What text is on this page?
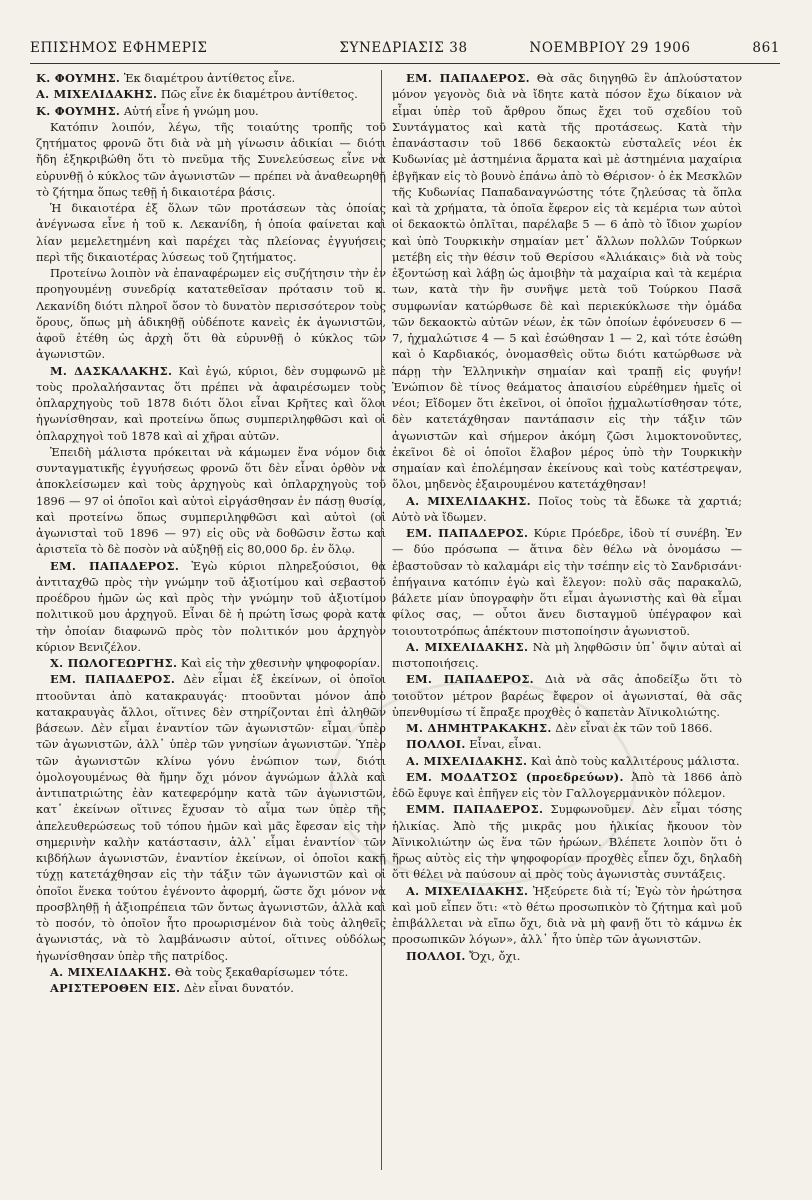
ΕΠΙΣΗΜΟΣ ΕΦΗΜΕΡΙΣ	ΣΥΝΕΔΡΙΑΣΙΣ 38	ΝΟΕΜΒΡΙΟΥ 29 1906	861

Κ. ΦΟΥΜΗΣ. Ἐκ διαμέτρου ἀντίθετος εἶνε.

Α. ΜΙΧΕΛΙΔΑΚΗΣ. Πῶς εἶνε ἐκ διαμέτρου ἀντίθετος.

Κ. ΦΟΥΜΗΣ. Αὐτή εἶνε ἡ γνώμη μου.

Κατόπιν λοιπόν, λέγω, τῆς τοιαύτης τροπῆς τοῦ ζητήματος φρονῶ ὅτι διὰ νὰ μὴ γίνωσιν ἀδικίαι — διότι ἤδη ἐξηκριβώθη ὅτι τὸ πνεῦμα τῆς Συνελεύσεως εἶνε νὰ εὐρυνθῇ ὁ κύκλος τῶν ἀγωνιστῶν — πρέπει νὰ ἀναθεωρηθῇ τὸ ζήτημα ὅπως τεθῇ ἡ δικαιοτέρα βάσις.

Ἡ δικαιοτέρα ἐξ ὅλων τῶν προτάσεων τὰς ὁποίας ἀνέγνωσα εἶνε ἡ τοῦ κ. Λεκανίδη, ἡ ὁποία φαίνεται καὶ λίαν μεμελετημένη καὶ παρέχει τὰς πλείονας ἐγγυήσεις περὶ τῆς δικαιοτέρας λύσεως τοῦ ζητήματος.

Προτείνω λοιπὸν νὰ ἐπαναφέρωμεν εἰς συζήτησιν τὴν ἐν προηγουμένῃ συνεδρίᾳ κατατεθεῖσαν πρότασιν τοῦ κ. Λεκανίδη διότι πληροῖ ὅσον τὸ δυνατὸν περισσότερον τοὺς ὅρους, ὅπως μὴ ἀδικηθῇ οὐδέποτε κανεὶς ἐκ ἀγωνιστῶν, ἀφοῦ ἐτέθη ὡς ἀρχὴ ὅτι θὰ εὐρυνθῇ ὁ κύκλος τῶν ἀγωνιστῶν.

Μ. ΔΑΣΚΑΛΑΚΗΣ. Καὶ ἐγώ, κύριοι, δὲν συμφωνῶ μὲ τοὺς προλαλήσαντας ὅτι πρέπει νὰ ἀφαιρέσωμεν τοὺς ὁπλαρχηγοὺς τοῦ 1878 διότι ὅλοι εἶναι Κρῆτες καὶ ὅλοι ἠγωνίσθησαν, καὶ προτείνω ὅπως συμπεριληφθῶσι καὶ οἱ ὁπλαρχηγοὶ τοῦ 1878 καὶ αἱ χῆραι αὐτῶν.

Ἐπειδὴ μάλιστα πρόκειται νὰ κάμωμεν ἕνα νόμον διὰ συνταγματικῆς ἐγγυήσεως φρονῶ ὅτι δὲν εἶναι ὀρθὸν νὰ ἀποκλείσωμεν καὶ τοὺς ἀρχηγοὺς καὶ ὁπλαρχηγοὺς τοῦ 1896 — 97 οἱ ὁποῖοι καὶ αὐτοὶ εἰργάσθησαν ἐν πάσῃ θυσίᾳ, καὶ προτείνω ὅπως συμπεριληφθῶσι καὶ αὐτοὶ (οἱ ἀγωνισταὶ τοῦ 1896 — 97) εἰς οὓς νὰ δοθῶσιν ἔστω καὶ ἀριστεῖα τὸ δὲ ποσὸν νὰ αὐξηθῇ εἰς 80,000 δρ. ἐν ὅλῳ.

ΕΜ. ΠΑΠΑΔΕΡΟΣ. Ἐγὼ κύριοι πληρεξούσιοι, θὰ ἀντιταχθῶ πρὸς τὴν γνώμην τοῦ ἀξιοτίμου καὶ σεβαστοῦ προέδρου ἡμῶν ὡς καὶ πρὸς τὴν γνώμην τοῦ ἀξιοτίμου πολιτικοῦ μου ἀρχηγοῦ. Εἶναι δὲ ἡ πρώτη ἴσως φορὰ κατὰ τὴν ὁποίαν διαφωνῶ πρὸς τὸν πολιτικόν μου ἀρχηγὸν κύριον Βενιζέλον.

Χ. ΠΩΛΟΓΕΩΡΓΗΣ. Καὶ εἰς τὴν χθεσινὴν ψηφοφορίαν.

ΕΜ. ΠΑΠΑΔΕΡΟΣ. Δὲν εἶμαι ἐξ ἐκείνων, οἱ ὁποῖοι πτοοῦνται ἀπὸ κατακραυγάς· πτοοῦνται μόνον ἀπὸ κατακραυγὰς ἄλλοι, οἵτινες δὲν στηρίζονται ἐπὶ ἀληθῶν βάσεων. Δὲν εἶμαι ἐναντίον τῶν ἀγωνιστῶν· εἶμαι ὑπὲρ τῶν ἀγωνιστῶν, ἀλλ᾽ ὑπὲρ τῶν γνησίων ἀγωνιστῶν. Ὑπὲρ τῶν ἀγωνιστῶν κλίνω γόνυ ἐνώπιον των, διότι ὁμολογουμένως θὰ ἤμην ὄχι μόνον ἀγνώμων ἀλλὰ καὶ ἀντιπατριώτης ἐὰν κατεφερόμην κατὰ τῶν ἀγωνιστῶν, κατ᾽ ἐκείνων οἵτινες ἔχυσαν τὸ αἷμα των ὑπὲρ τῆς ἀπελευθερώσεως τοῦ τόπου ἡμῶν καὶ μᾶς ἔφεσαν εἰς τὴν σημερινὴν καλὴν κατάστασιν, ἀλλ᾽ εἶμαι ἐναντίον τῶν κιβδήλων ἀγωνιστῶν, ἐναντίον ἐκείνων, οἱ ὁποῖοι κακῇ τύχῃ κατετάχθησαν εἰς τὴν τάξιν τῶν ἀγωνιστῶν καὶ οἱ ὁποῖοι ἕνεκα τούτου ἐγένοντο ἀφορμή, ὥστε ὄχι μόνον νὰ προσβληθῇ ἡ ἀξιοπρέπεια τῶν ὄντως ἀγωνιστῶν, ἀλλὰ καὶ τὸ ποσόν, τὸ ὁποῖον ἦτο προωρισμένον διὰ τοὺς ἀληθεῖς ἀγωνιστάς, νὰ τὸ λαμβάνωσιν αὐτοί, οἵτινες οὐδόλως ἠγωνίσθησαν ὑπὲρ τῆς πατρίδος.

Α. ΜΙΧΕΛΙΔΑΚΗΣ. Θὰ τοὺς ξεκαθαρίσωμεν τότε.

ΑΡΙΣΤΕΡΟΘΕΝ ΕΙΣ. Δὲν εἶναι δυνατόν.

ΕΜ. ΠΑΠΑΔΕΡΟΣ. Θὰ σᾶς διηγηθῶ ἓν ἁπλούστατον μόνον γεγονὸς διὰ νὰ ἴδητε κατὰ πόσον ἔχω δίκαιον νὰ εἶμαι ὑπὲρ τοῦ ἄρθρου ὅπως ἔχει τοῦ σχεδίου τοῦ Συντάγματος καὶ κατὰ τῆς προτάσεως. Κατὰ τὴν ἐπανάστασιν τοῦ 1866 δεκαοκτὼ εὐσταλεῖς νέοι ἐκ Κυδωνίας μὲ ἀστημένια ἅρματα καὶ μὲ ἀστημένια μαχαίρια ἐβγῆκαν εἰς τὸ βουνὸ ἐπάνω ἀπὸ τὸ Θέρισον· ὁ ἐκ Μεσκλῶν τῆς Κυδωνίας Παπαδαναγνώστης τότε ζηλεύσας τὰ ὅπλα καὶ τὰ χρήματα, τὰ ὁποῖα ἔφερον εἰς τὰ κεμέρια των αὐτοὶ οἱ δεκαοκτὼ ὁπλῖται, παρέλαβε 5 — 6 ἀπὸ τὸ ἴδιον χωρίον καὶ ὑπὸ Τουρκικὴν σημαίαν μετ᾽ ἄλλων πολλῶν Τούρκων μετέβη εἰς τὴν θέσιν τοῦ Θερίσου «Ἀλιάκαις» διὰ νὰ τοὺς ἐξοντώσῃ καὶ λάβῃ ὡς ἀμοιβὴν τὰ μαχαίρια καὶ τὰ κεμέρια των, κατὰ τὴν ἣν συνῆψε μετὰ τοῦ Τούρκου Πασᾶ συμφωνίαν κατώρθωσε δὲ καὶ περιεκύκλωσε τὴν ὁμάδα τῶν δεκαοκτὼ αὐτῶν νέων, ἐκ τῶν ὁποίων ἐφόνευσεν 6 — 7, ἠχμαλώτισε 4 — 5 καὶ ἐσώθησαν 1 — 2, καὶ τότε ἐσώθη καὶ ὁ Καρδιακός, ὀνομασθεὶς οὕτω διότι κατώρθωσε νὰ πάρῃ τὴν Ἑλληνικὴν σημαίαν καὶ τραπῇ εἰς φυγήν! Ἐνώπιον δὲ τίνος θεάματος ἀπαισίου εὑρέθημεν ἡμεῖς οἱ νέοι; Εἴδομεν ὅτι ἐκεῖνοι, οἱ ὁποῖοι ᾐχμαλωτίσθησαν τότε, δὲν κατετάχθησαν παντάπασιν εἰς τὴν τάξιν τῶν ἀγωνιστῶν καὶ σήμερον ἀκόμη ζῶσι λιμοκτονοῦντες, ἐκεῖνοι δὲ οἱ ὁποῖοι ἔλαβον μέρος ὑπὸ τὴν Τουρκικὴν σημαίαν καὶ ἐπολέμησαν ἐκείνους καὶ τοὺς κατέστρεψαν, ὅλοι, μηδενὸς ἐξαιρουμένου κατετάχθησαν!

Α. ΜΙΧΕΛΙΔΑΚΗΣ. Ποῖος τοὺς τὰ ἔδωκε τὰ χαρτιά; Αὐτὸ νὰ ἴδωμεν.

ΕΜ. ΠΑΠΑΔΕΡΟΣ. Κύριε Πρόεδρε, ἰδοὺ τί συνέβη. Ἐν — δύο πρόσωπα — ἅτινα δὲν θέλω νὰ ὀνομάσω — ἐβαστοῦσαν τὸ καλαμάρι εἰς τὴν τσέπην εἰς τὸ Σανδρισάνι· ἐπήγαινα κατόπιν ἐγὼ καὶ ἔλεγον: πολὺ σᾶς παρακαλῶ, βάλετε μίαν ὑπογραφὴν ὅτι εἶμαι ἀγωνιστὴς καὶ θὰ εἶμαι φίλος σας, — οὗτοι ἄνευ δισταγμοῦ ὑπέγραφον καὶ τοιουτοτρόπως ἀπέκτουν πιστοποίησιν ἀγωνιστοῦ.

Α. ΜΙΧΕΛΙΔΑΚΗΣ. Νὰ μὴ ληφθῶσιν ὑπ᾽ ὄψιν αὐταὶ αἱ πιστοποιήσεις.

ΕΜ. ΠΑΠΑΔΕΡΟΣ. Διὰ νὰ σᾶς ἀποδείξω ὅτι τὸ τοιοῦτον μέτρον βαρέως ἔφερον οἱ ἀγωνισταί, θὰ σᾶς ὑπενθυμίσω τί ἔπραξε προχθὲς ὁ καπετὰν Ἀϊνικολιώτης.

Μ. ΔΗΜΗΤΡΑΚΑΚΗΣ. Δὲν εἶναι ἐκ τῶν τοῦ 1866.

ΠΟΛΛΟΙ. Εἶναι, εἶναι.

Α. ΜΙΧΕΛΙΔΑΚΗΣ. Καὶ ἀπὸ τοὺς καλλιτέρους μάλιστα.

ΕΜ. ΜΟΔΑΤΣΟΣ (προεδρεύων). Ἀπὸ τὰ 1866 ἀπὸ ἐδῶ ἔφυγε καὶ ἐπῆγεν εἰς τὸν Γαλλογερμανικὸν πόλεμον.

ΕΜΜ. ΠΑΠΑΔΕΡΟΣ. Συμφωνοῦμεν. Δὲν εἶμαι τόσης ἡλικίας. Ἀπὸ τῆς μικρᾶς μου ἡλικίας ἤκουον τὸν Ἀϊνικολιώτην ὡς ἕνα τῶν ἡρώων. Βλέπετε λοιπὸν ὅτι ὁ ἥρως αὐτὸς εἰς τὴν ψηφοφορίαν προχθὲς εἶπεν ὄχι, δηλαδὴ ὅτι θέλει νὰ παύσουν αἱ πρὸς τοὺς ἀγωνιστὰς συντάξεις.

Α. ΜΙΧΕΛΙΔΑΚΗΣ. Ἠξεύρετε διὰ τί; Ἐγὼ τὸν ἠρώτησα καὶ μοῦ εἶπεν ὅτι: «τὸ θέτω προσωπικὸν τὸ ζήτημα καὶ μοῦ ἐπιβάλλεται νὰ εἴπω ὄχι, διὰ νὰ μὴ φανῇ ὅτι τὸ κάμνω ἐκ προσωπικῶν λόγων», ἀλλ᾽ ἦτο ὑπὲρ τῶν ἀγωνιστῶν.

ΠΟΛΛΟΙ. Ὄχι, ὄχι.
